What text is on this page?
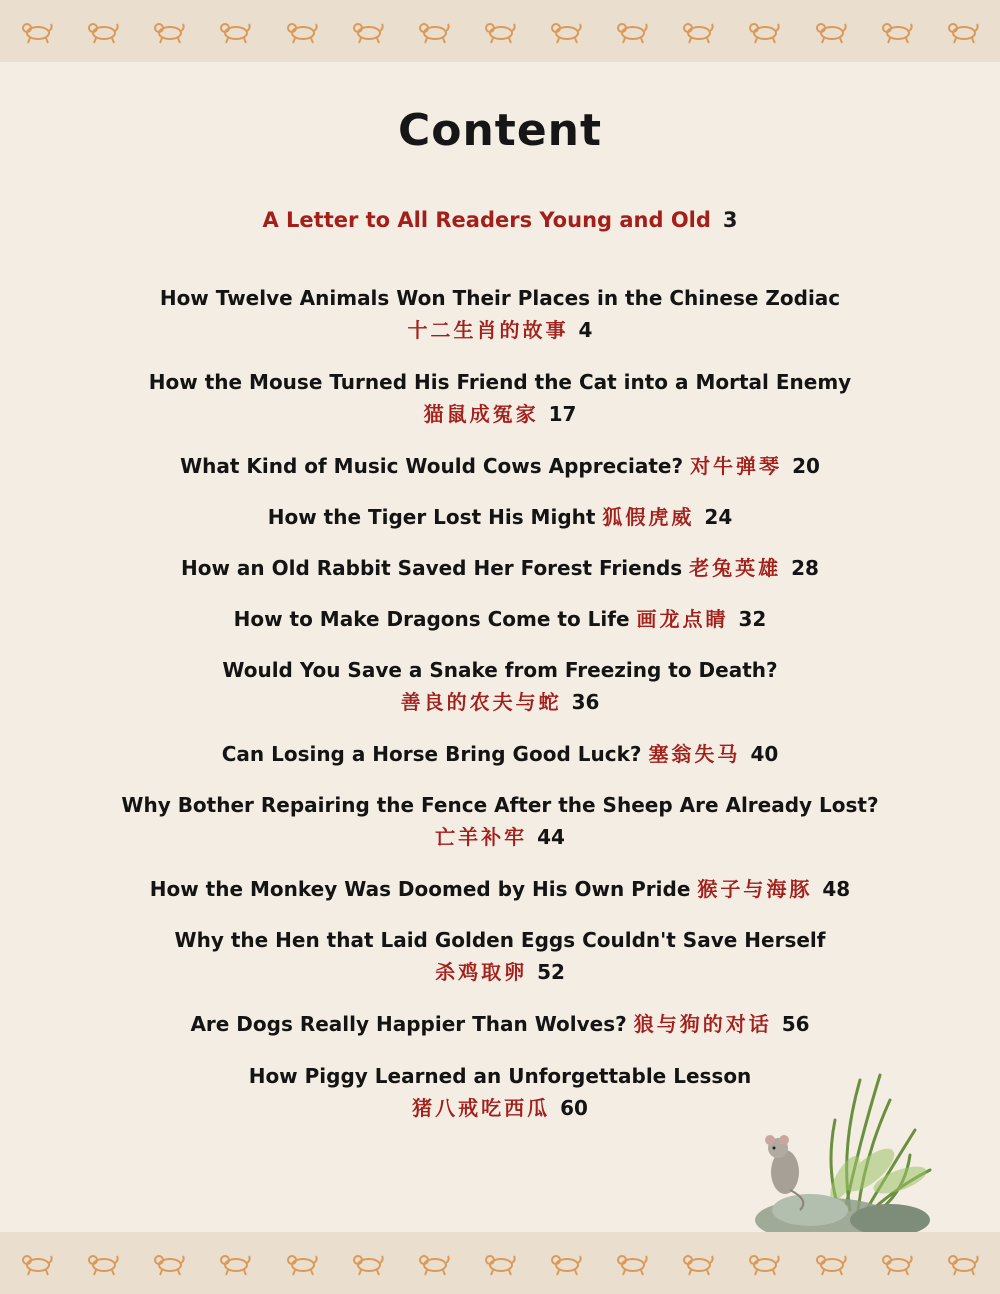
Content
A Letter to All Readers Young and Old 3
How Twelve Animals Won Their Places in the Chinese Zodiac
十二生肖的故事 4
How the Mouse Turned His Friend the Cat into a Mortal Enemy
猫鼠成冤家 17
What Kind of Music Would Cows Appreciate? 对牛弹琴 20
How the Tiger Lost His Might 狐假虎威 24
How an Old Rabbit Saved Her Forest Friends 老兔英雄 28
How to Make Dragons Come to Life 画龙点睛 32
Would You Save a Snake from Freezing to Death?
善良的农夫与蛇 36
Can Losing a Horse Bring Good Luck? 塞翁失马 40
Why Bother Repairing the Fence After the Sheep Are Already Lost?
亡羊补牢 44
How the Monkey Was Doomed by His Own Pride 猴子与海豚 48
Why the Hen that Laid Golden Eggs Couldn't Save Herself
杀鸡取卵 52
Are Dogs Really Happier Than Wolves? 狼与狗的对话 56
How Piggy Learned an Unforgettable Lesson
猪八戒吃西瓜 60
